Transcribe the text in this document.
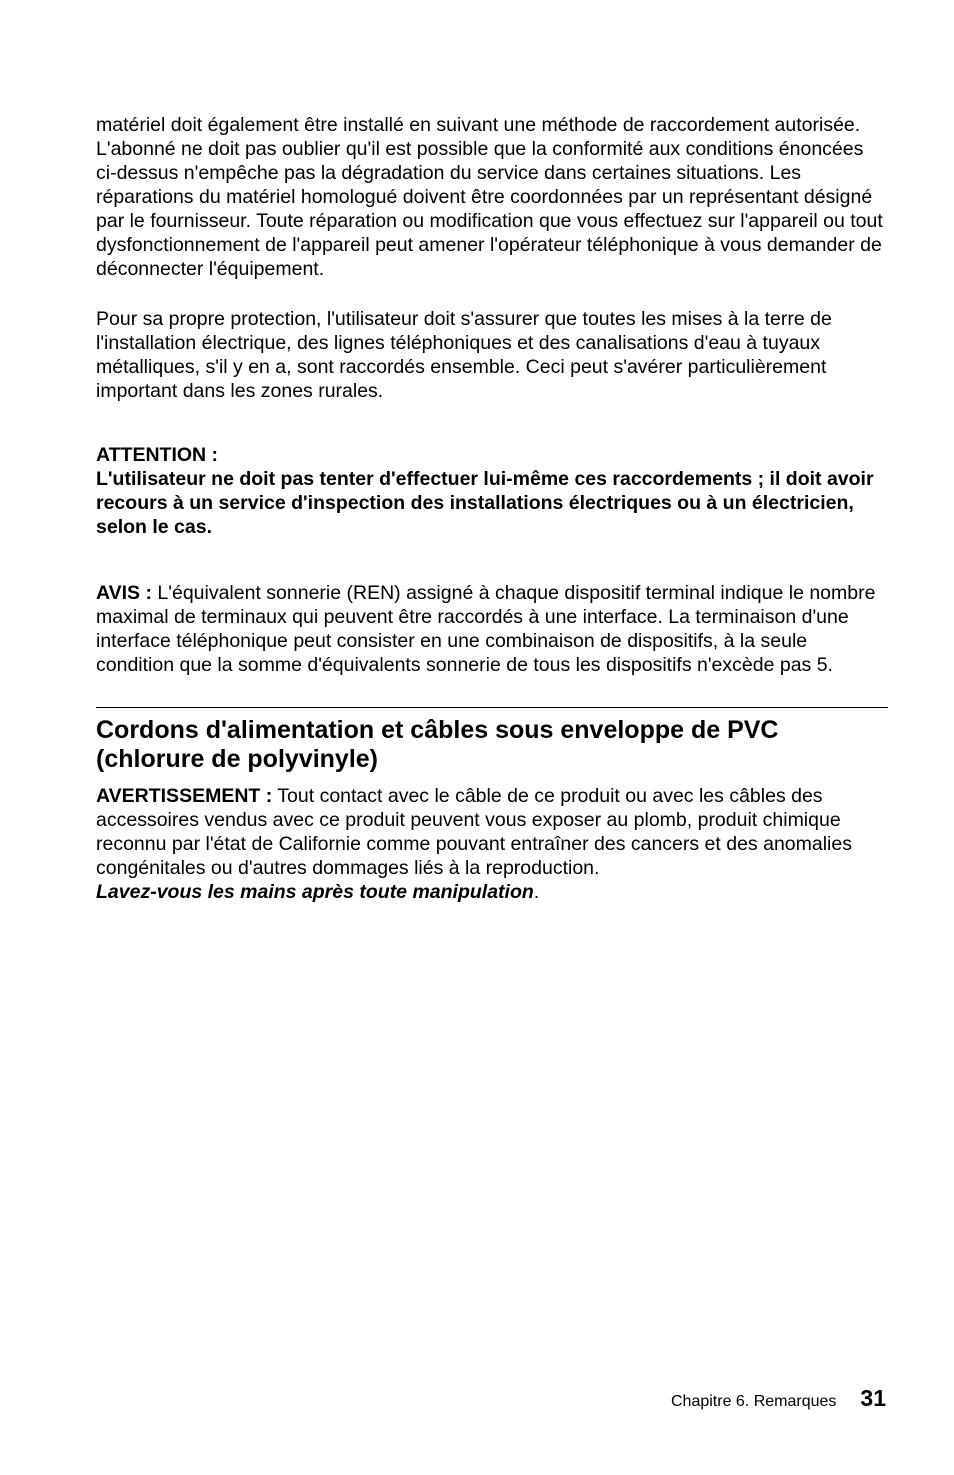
matériel doit également être installé en suivant une méthode de raccordement autorisée. L'abonné ne doit pas oublier qu'il est possible que la conformité aux conditions énoncées ci-dessus n'empêche pas la dégradation du service dans certaines situations. Les réparations du matériel homologué doivent être coordonnées par un représentant désigné par le fournisseur. Toute réparation ou modification que vous effectuez sur l'appareil ou tout dysfonctionnement de l'appareil peut amener l'opérateur téléphonique à vous demander de déconnecter l'équipement.

Pour sa propre protection, l'utilisateur doit s'assurer que toutes les mises à la terre de l'installation électrique, des lignes téléphoniques et des canalisations d'eau à tuyaux métalliques, s'il y en a, sont raccordés ensemble. Ceci peut s'avérer particulièrement important dans les zones rurales.

ATTENTION :

L'utilisateur ne doit pas tenter d'effectuer lui-même ces raccordements ; il doit avoir recours à un service d'inspection des installations électriques ou à un électricien, selon le cas.

AVIS : L'équivalent sonnerie (REN) assigné à chaque dispositif terminal indique le nombre maximal de terminaux qui peuvent être raccordés à une interface. La terminaison d'une interface téléphonique peut consister en une combinaison de dispositifs, à la seule condition que la somme d'équivalents sonnerie de tous les dispositifs n'excède pas 5.

Cordons d'alimentation et câbles sous enveloppe de PVC (chlorure de polyvinyle)

AVERTISSEMENT : Tout contact avec le câble de ce produit ou avec les câbles des accessoires vendus avec ce produit peuvent vous exposer au plomb, produit chimique reconnu par l'état de Californie comme pouvant entraîner des cancers et des anomalies congénitales ou d'autres dommages liés à la reproduction.
Lavez-vous les mains après toute manipulation.

Chapitre 6. Remarques 31
